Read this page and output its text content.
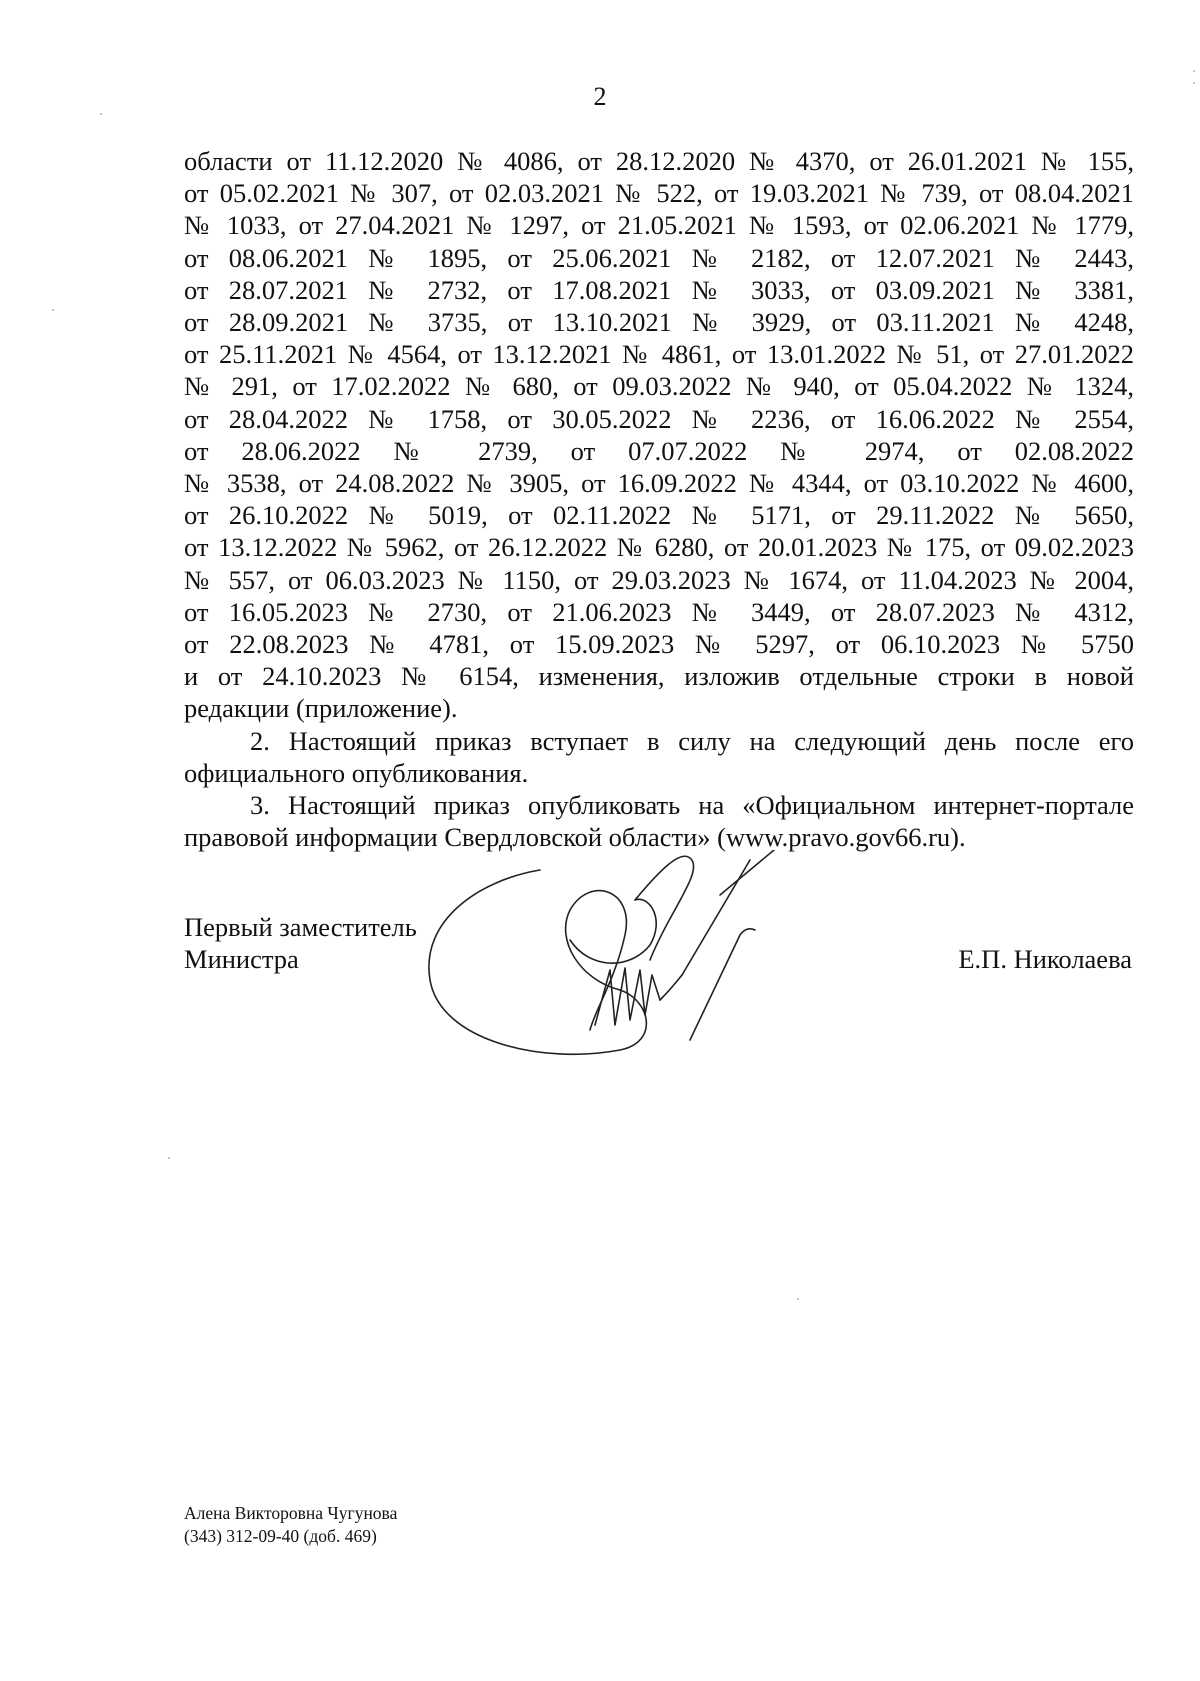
2
области от 11.12.2020 № 4086, от 28.12.2020 № 4370, от 26.01.2021 № 155,
от 05.02.2021 № 307, от 02.03.2021 № 522, от 19.03.2021 № 739, от 08.04.2021
№ 1033, от 27.04.2021 № 1297, от 21.05.2021 № 1593, от 02.06.2021 № 1779,
от 08.06.2021 № 1895, от 25.06.2021 № 2182, от 12.07.2021 № 2443,
от 28.07.2021 № 2732, от 17.08.2021 № 3033, от 03.09.2021 № 3381,
от 28.09.2021 № 3735, от 13.10.2021 № 3929, от 03.11.2021 № 4248,
от 25.11.2021 № 4564, от 13.12.2021 № 4861, от 13.01.2022 № 51, от 27.01.2022
№ 291, от 17.02.2022 № 680, от 09.03.2022 № 940, от 05.04.2022 № 1324,
от 28.04.2022 № 1758, от 30.05.2022 № 2236, от 16.06.2022 № 2554,
от 28.06.2022 № 2739, от 07.07.2022 № 2974, от 02.08.2022
№ 3538, от 24.08.2022 № 3905, от 16.09.2022 № 4344, от 03.10.2022 № 4600,
от 26.10.2022 № 5019, от 02.11.2022 № 5171, от 29.11.2022 № 5650,
от 13.12.2022 № 5962, от 26.12.2022 № 6280, от 20.01.2023 № 175, от 09.02.2023
№ 557, от 06.03.2023 № 1150, от 29.03.2023 № 1674, от 11.04.2023 № 2004,
от 16.05.2023 № 2730, от 21.06.2023 № 3449, от 28.07.2023 № 4312,
от 22.08.2023 № 4781, от 15.09.2023 № 5297, от 06.10.2023 № 5750
и от 24.10.2023 № 6154, изменения, изложив отдельные строки в новой
редакции (приложение).
2. Настоящий приказ вступает в силу на следующий день после его
официального опубликования.
3. Настоящий приказ опубликовать на «Официальном интернет-портале
правовой информации Свердловской области» (www.pravo.gov66.ru).
Первый заместитель
Министра	Е.П. Николаева
Алена Викторовна Чугунова
(343) 312-09-40 (доб. 469)
